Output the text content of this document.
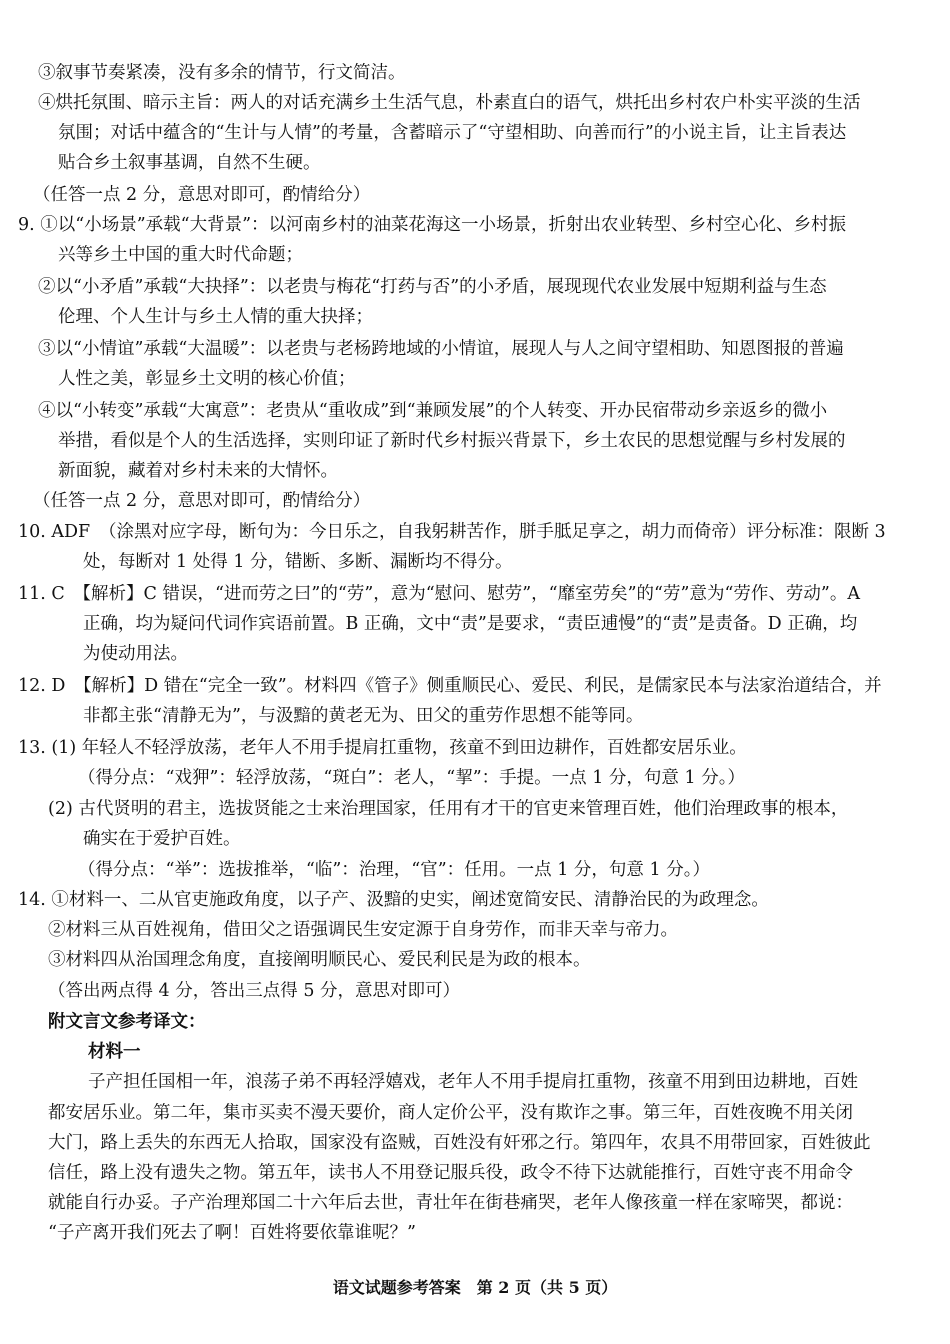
③叙事节奏紧凑，没有多余的情节，行文简洁。
④烘托氛围、暗示主旨：两人的对话充满乡土生活气息，朴素直白的语气，烘托出乡村农户朴实平淡的生活
氛围；对话中蕴含的“生计与人情”的考量，含蓄暗示了“守望相助、向善而行”的小说主旨，让主旨表达
贴合乡土叙事基调，自然不生硬。
（任答一点 2 分，意思对即可，酌情给分）
9. ①以“小场景”承载“大背景”：以河南乡村的油菜花海这一小场景，折射出农业转型、乡村空心化、乡村振
兴等乡土中国的重大时代命题；
②以“小矛盾”承载“大抉择”：以老贵与梅花“打药与否”的小矛盾，展现现代农业发展中短期利益与生态
伦理、个人生计与乡土人情的重大抉择；
③以“小情谊”承载“大温暖”：以老贵与老杨跨地域的小情谊，展现人与人之间守望相助、知恩图报的普遍
人性之美，彰显乡土文明的核心价值；
④以“小转变”承载“大寓意”：老贵从“重收成”到“兼顾发展”的个人转变、开办民宿带动乡亲返乡的微小
举措，看似是个人的生活选择，实则印证了新时代乡村振兴背景下，乡土农民的思想觉醒与乡村发展的
新面貌，藏着对乡村未来的大情怀。
（任答一点 2 分，意思对即可，酌情给分）
10. ADF　（涂黑对应字母，断句为：今日乐之，自我躬耕苦作，胼手胝足享之，胡力而倚帝）评分标准：限断 3
处，每断对 1 处得 1 分，错断、多断、漏断均不得分。
11. C　【解析】C 错误，“进而劳之曰”的“劳”，意为“慰问、慰劳”，“靡室劳矣”的“劳”意为“劳作、劳动”。A
正确，均为疑问代词作宾语前置。B 正确，文中“责”是要求，“责臣逋慢”的“责”是责备。D 正确，均
为使动用法。
12. D　【解析】D 错在“完全一致”。材料四《管子》侧重顺民心、爱民、利民，是儒家民本与法家治道结合，并
非都主张“清静无为”，与汲黯的黄老无为、田父的重劳作思想不能等同。
13. (1) 年轻人不轻浮放荡，老年人不用手提肩扛重物，孩童不到田边耕作，百姓都安居乐业。
（得分点：“戏狎”：轻浮放荡，“斑白”：老人，“挈”：手提。一点 1 分，句意 1 分。）
(2) 古代贤明的君主，选拔贤能之士来治理国家，任用有才干的官吏来管理百姓，他们治理政事的根本，
确实在于爱护百姓。
（得分点：“举”：选拔推举，“临”：治理，“官”：任用。一点 1 分，句意 1 分。）
14. ①材料一、二从官吏施政角度，以子产、汲黯的史实，阐述宽简安民、清静治民的为政理念。
②材料三从百姓视角，借田父之语强调民生安定源于自身劳作，而非天幸与帝力。
③材料四从治国理念角度，直接阐明顺民心、爱民利民是为政的根本。
（答出两点得 4 分，答出三点得 5 分，意思对即可）
附文言文参考译文：
材料一
子产担任国相一年，浪荡子弟不再轻浮嬉戏，老年人不用手提肩扛重物，孩童不用到田边耕地，百姓
都安居乐业。第二年，集市买卖不漫天要价，商人定价公平，没有欺诈之事。第三年，百姓夜晚不用关闭
大门，路上丢失的东西无人拾取，国家没有盗贼，百姓没有奸邪之行。第四年，农具不用带回家，百姓彼此
信任，路上没有遗失之物。第五年，读书人不用登记服兵役，政令不待下达就能推行，百姓守丧不用命令
就能自行办妥。子产治理郑国二十六年后去世，青壮年在街巷痛哭，老年人像孩童一样在家啼哭，都说：
“子产离开我们死去了啊！百姓将要依靠谁呢？”
语文试题参考答案　第 2 页（共 5 页）
